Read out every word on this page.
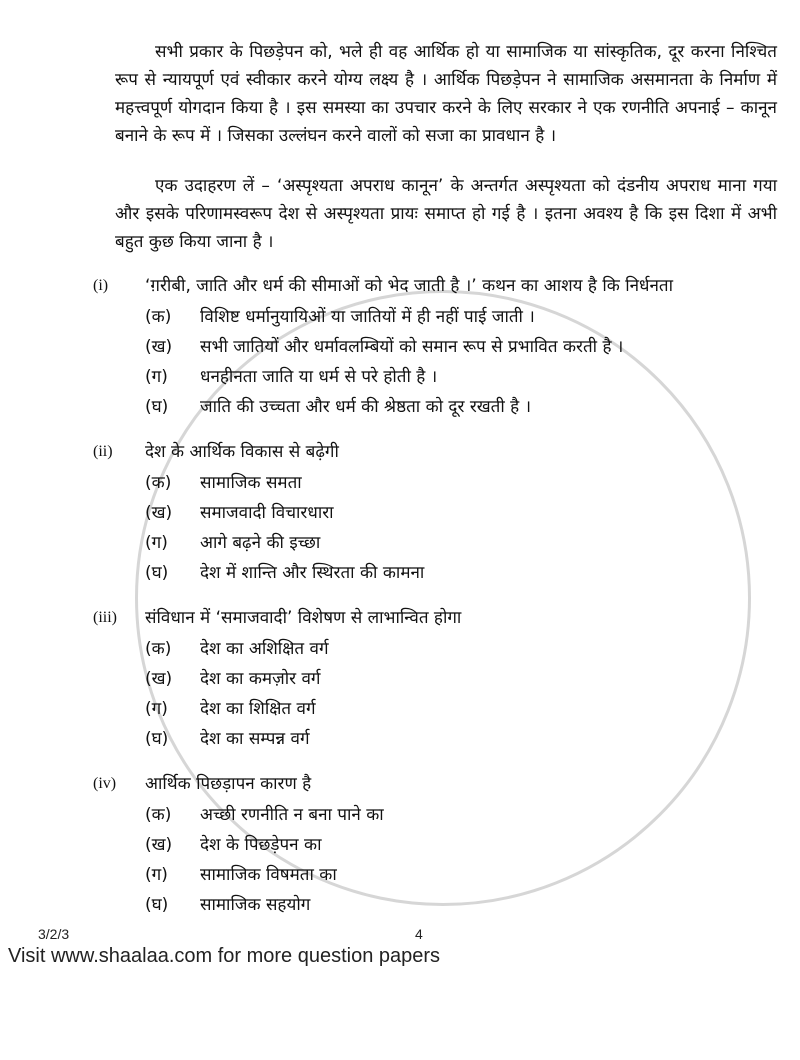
सभी प्रकार के पिछड़ेपन को, भले ही वह आर्थिक हो या सामाजिक या सांस्कृतिक, दूर करना निश्चित रूप से न्यायपूर्ण एवं स्वीकार करने योग्य लक्ष्य है । आर्थिक पिछड़ेपन ने सामाजिक असमानता के निर्माण में महत्त्वपूर्ण योगदान किया है । इस समस्या का उपचार करने के लिए सरकार ने एक रणनीति अपनाई – कानून बनाने के रूप में । जिसका उल्लंघन करने वालों को सजा का प्रावधान है ।

एक उदाहरण लें – ‘अस्पृश्यता अपराध कानून’ के अन्तर्गत अस्पृश्यता को दंडनीय अपराध माना गया और इसके परिणामस्वरूप देश से अस्पृश्यता प्रायः समाप्त हो गई है । इतना अवश्य है कि इस दिशा में अभी बहुत कुछ किया जाना है ।

(i) ‘ग़रीबी, जाति और धर्म की सीमाओं को भेद जाती है ।’ कथन का आशय है कि निर्धनता
(क) विशिष्ट धर्मानुयायिओं या जातियों में ही नहीं पाई जाती ।
(ख) सभी जातियों और धर्मावलम्बियों को समान रूप से प्रभावित करती है ।
(ग) धनहीनता जाति या धर्म से परे होती है ।
(घ) जाति की उच्चता और धर्म की श्रेष्ठता को दूर रखती है ।
(ii) देश के आर्थिक विकास से बढ़ेगी
(क) सामाजिक समता
(ख) समाजवादी विचारधारा
(ग) आगे बढ़ने की इच्छा
(घ) देश में शान्ति और स्थिरता की कामना
(iii) संविधान में ‘समाजवादी’ विशेषण से लाभान्वित होगा
(क) देश का अशिक्षित वर्ग
(ख) देश का कमज़ोर वर्ग
(ग) देश का शिक्षित वर्ग
(घ) देश का सम्पन्न वर्ग
(iv) आर्थिक पिछड़ापन कारण है
(क) अच्छी रणनीति न बना पाने का
(ख) देश के पिछड़ेपन का
(ग) सामाजिक विषमता का
(घ) सामाजिक सहयोग
3/2/3	4
Visit www.shaalaa.com for more question papers
